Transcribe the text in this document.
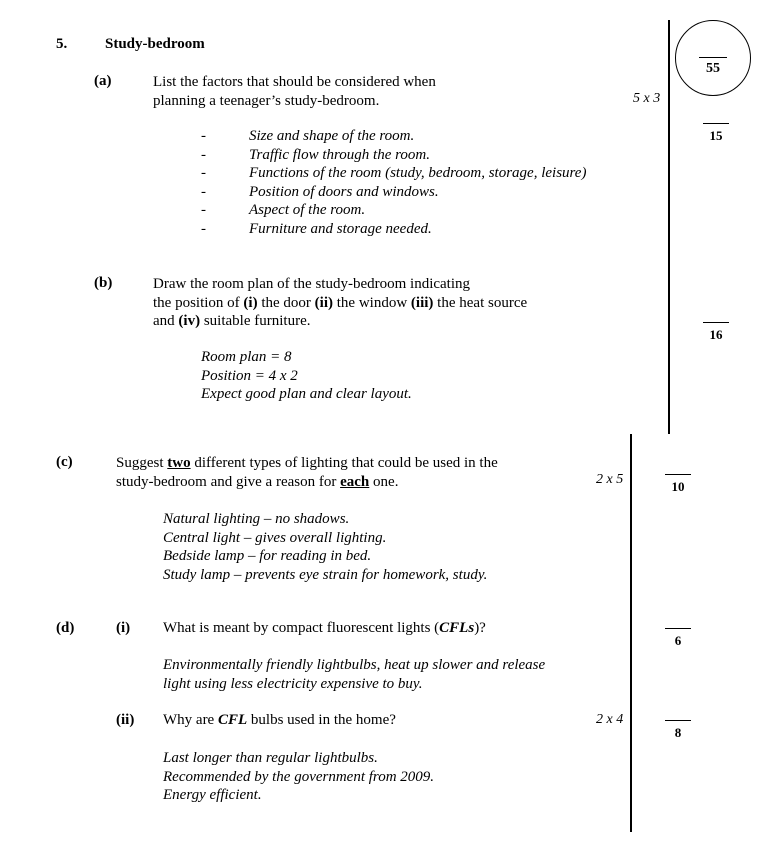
5.	Study-bedroom
55
(a)	List the factors that should be considered when
planning a teenager’s study-bedroom.	5 x 3
15
-
-
-
-
-
-
Size and shape of the room.
Traffic flow through the room.
Functions of the room (study, bedroom, storage, leisure)
Position of doors and windows.
Aspect of the room.
Furniture and storage needed.
(b)	Draw the room plan of the study-bedroom indicating
the position of (i) the door (ii) the window (iii) the heat source
and (iv) suitable furniture.
16
Room plan = 8
Position = 4 x 2
Expect good plan and clear layout.
(c)	Suggest two different types of lighting that could be used in the
study-bedroom and give a reason for each one.	2 x 5	10
Natural lighting – no shadows.
Central light – gives overall lighting.
Bedside lamp – for reading in bed.
Study lamp – prevents eye strain for homework, study.
(d)	(i) What is meant by compact fluorescent lights (CFLs)?
6
Environmentally friendly lightbulbs, heat up slower and release
light using less electricity expensive to buy.
(ii) Why are CFL bulbs used in the home?	2 x 4
8
Last longer than regular lightbulbs.
Recommended by the government from 2009.
Energy efficient.
